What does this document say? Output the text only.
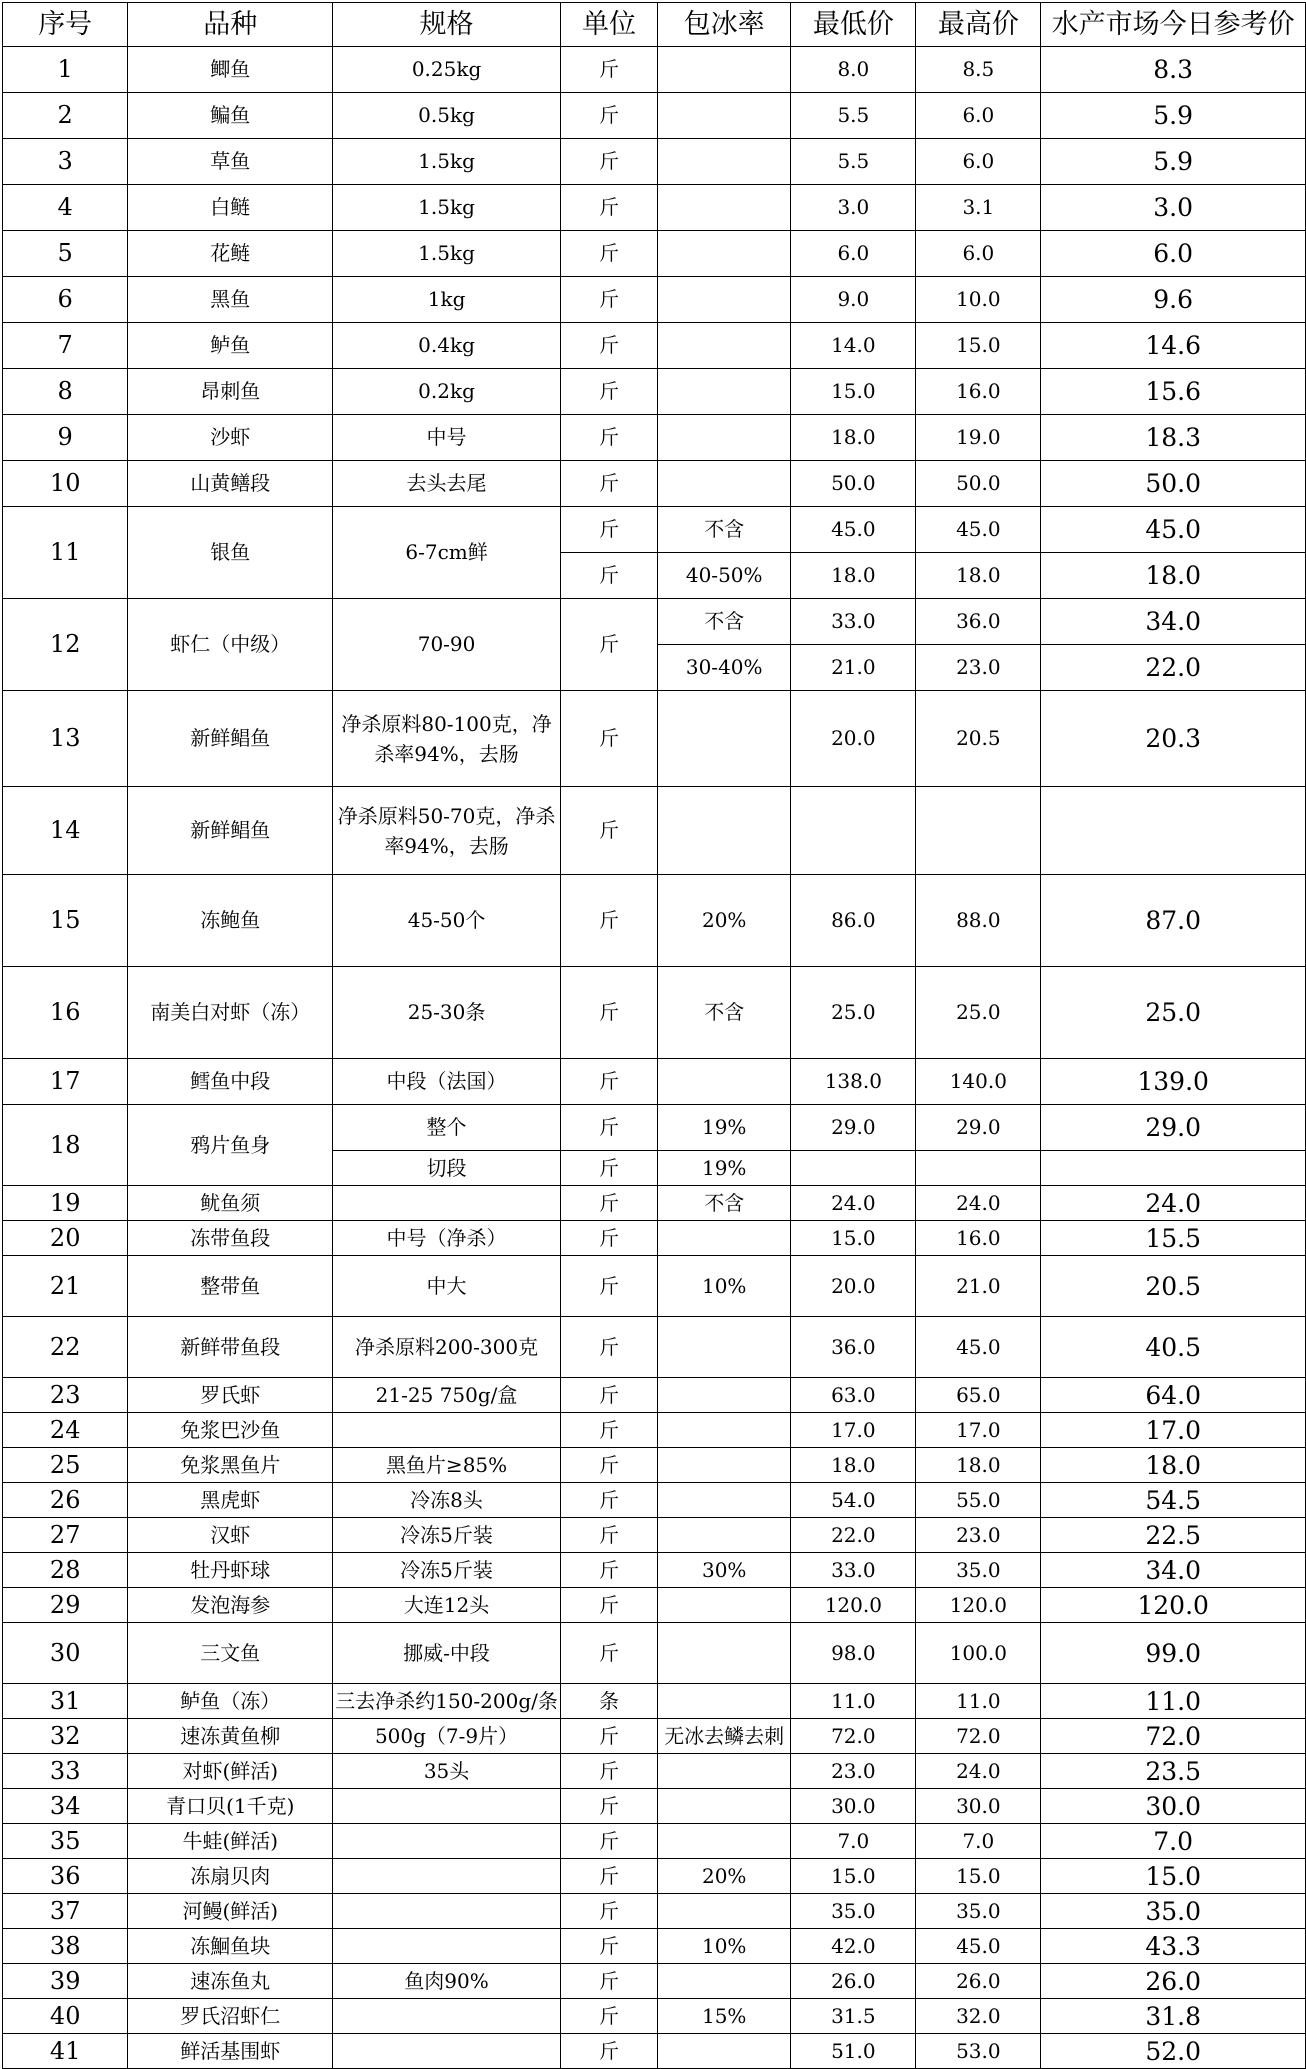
序号	品种	规格	单位	包冰率	最低价	最高价	水产市场今日参考价
1	鲫鱼	0.25kg	斤		8.0	8.5	8.3
2	鳊鱼	0.5kg	斤		5.5	6.0	5.9
3	草鱼	1.5kg	斤		5.5	6.0	5.9
4	白鲢	1.5kg	斤		3.0	3.1	3.0
5	花鲢	1.5kg	斤		6.0	6.0	6.0
6	黑鱼	1kg	斤		9.0	10.0	9.6
7	鲈鱼	0.4kg	斤		14.0	15.0	14.6
8	昂刺鱼	0.2kg	斤		15.0	16.0	15.6
9	沙虾	中号	斤		18.0	19.0	18.3
10	山黄鳝段	去头去尾	斤		50.0	50.0	50.0
11	银鱼	6-7cm鲜	斤	不含	45.0	45.0	45.0
			斤	40-50%	18.0	18.0	18.0
12	虾仁（中级）	70-90	斤	不含	33.0	36.0	34.0
				30-40%	21.0	23.0	22.0
13	新鲜鲳鱼	净杀原料80-100克，净杀率94%，去肠	斤		20.0	20.5	20.3
14	新鲜鲳鱼	净杀原料50-70克，净杀率94%，去肠	斤				
15	冻鲍鱼	45-50个	斤	20%	86.0	88.0	87.0
16	南美白对虾（冻）	25-30条	斤	不含	25.0	25.0	25.0
17	鳕鱼中段	中段（法国）	斤		138.0	140.0	139.0
18	鸦片鱼身	整个	斤	19%	29.0	29.0	29.0
		切段	斤	19%			
19	鱿鱼须		斤	不含	24.0	24.0	24.0
20	冻带鱼段	中号（净杀）	斤		15.0	16.0	15.5
21	整带鱼	中大	斤	10%	20.0	21.0	20.5
22	新鲜带鱼段	净杀原料200-300克	斤		36.0	45.0	40.5
23	罗氏虾	21-25 750g/盒	斤		63.0	65.0	64.0
24	免浆巴沙鱼		斤		17.0	17.0	17.0
25	免浆黑鱼片	黑鱼片≥85%	斤		18.0	18.0	18.0
26	黑虎虾	冷冻8头	斤		54.0	55.0	54.5
27	汉虾	冷冻5斤装	斤		22.0	23.0	22.5
28	牡丹虾球	冷冻5斤装	斤	30%	33.0	35.0	34.0
29	发泡海参	大连12头	斤		120.0	120.0	120.0
30	三文鱼	挪威-中段	斤		98.0	100.0	99.0
31	鲈鱼（冻）	三去净杀约150-200g/条	条		11.0	11.0	11.0
32	速冻黄鱼柳	500g（7-9片）	斤	无冰去鳞去刺	72.0	72.0	72.0
33	对虾(鲜活)	35头	斤		23.0	24.0	23.5
34	青口贝(1千克)		斤		30.0	30.0	30.0
35	牛蛙(鲜活)		斤		7.0	7.0	7.0
36	冻扇贝肉		斤	20%	15.0	15.0	15.0
37	河鳗(鲜活)		斤		35.0	35.0	35.0
38	冻鮰鱼块		斤	10%	42.0	45.0	43.3
39	速冻鱼丸	鱼肉90%	斤		26.0	26.0	26.0
40	罗氏沼虾仁		斤	15%	31.5	32.0	31.8
41	鲜活基围虾		斤		51.0	53.0	52.0
